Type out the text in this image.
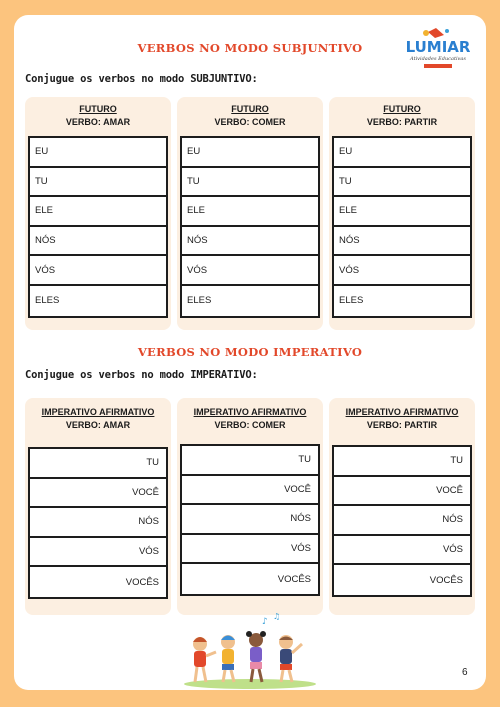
LUMIAR
Atividades Educativas
VERBOS NO MODO SUBJUNTIVO
Conjugue os verbos no modo SUBJUNTIVO:
FUTURO
VERBO: AMAR
EU
TU
ELE
NÓS
VÓS
ELES
FUTURO
VERBO: COMER
EU
TU
ELE
NÓS
VÓS
ELES
FUTURO
VERBO: PARTIR
EU
TU
ELE
NÓS
VÓS
ELES
VERBOS NO MODO IMPERATIVO
Conjugue os verbos no modo IMPERATIVO:
IMPERATIVO AFIRMATIVO
VERBO: AMAR
TU
VOCÊ
NÓS
VÓS
VOCÊS
IMPERATIVO AFIRMATIVO
VERBO: COMER
TU
VOCÊ
NÓS
VÓS
VOCÊS
IMPERATIVO AFIRMATIVO
VERBO: PARTIR
TU
VOCÊ
NÓS
VÓS
VOCÊS
♪
♫
6
